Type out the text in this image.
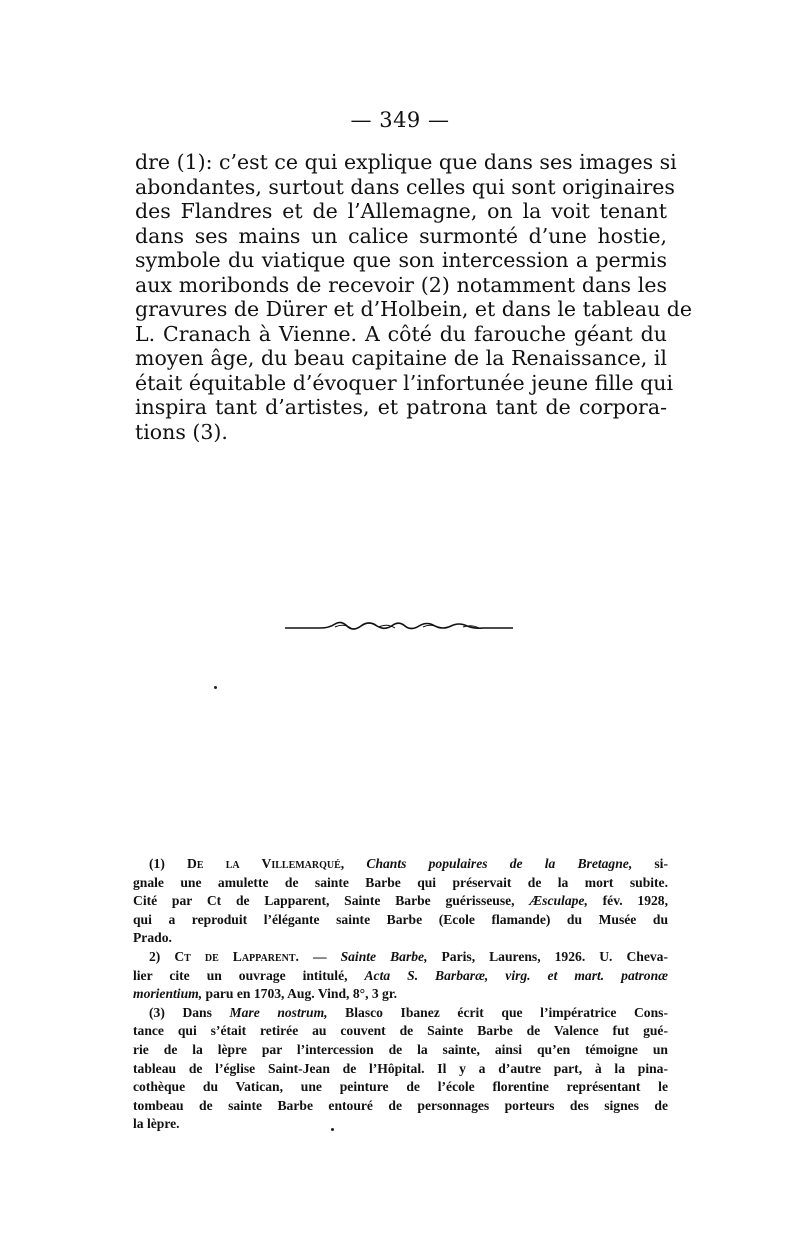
— 349 —
dre (1): c’est ce qui explique que dans ses images si
abondantes, surtout dans celles qui sont originaires
des Flandres et de l’Allemagne, on la voit tenant
dans ses mains un calice surmonté d’une hostie,
symbole du viatique que son intercession a permis
aux moribonds de recevoir (2) notamment dans les
gravures de Dürer et d’Holbein, et dans le tableau de
L. Cranach à Vienne. A côté du farouche géant du
moyen âge, du beau capitaine de la Renaissance, il
était équitable d’évoquer l’infortunée jeune fille qui
inspira tant d’artistes, et patrona tant de corpora-
tions (3).
(1) De la Villemarqué, Chants populaires de la Bretagne, si-
gnale une amulette de sainte Barbe qui préservait de la mort subite.
Cité par Ct de Lapparent, Sainte Barbe guérisseuse, Æsculape, fév. 1928,
qui a reproduit l’élégante sainte Barbe (Ecole flamande) du Musée du
Prado.
2) Ct de Lapparent. — Sainte Barbe, Paris, Laurens, 1926. U. Cheva-
lier cite un ouvrage intitulé, Acta S. Barbaræ, virg. et mart. patronæ
morientium, paru en 1703, Aug. Vind, 8°, 3 gr.
(3) Dans Mare nostrum, Blasco Ibanez écrit que l’impératrice Cons-
tance qui s’était retirée au couvent de Sainte Barbe de Valence fut gué-
rie de la lèpre par l’intercession de la sainte, ainsi qu’en témoigne un
tableau de l’église Saint-Jean de l’Hôpital. Il y a d’autre part, à la pina-
cothèque du Vatican, une peinture de l’école florentine représentant le
tombeau de sainte Barbe entouré de personnages porteurs des signes de
la lèpre.
